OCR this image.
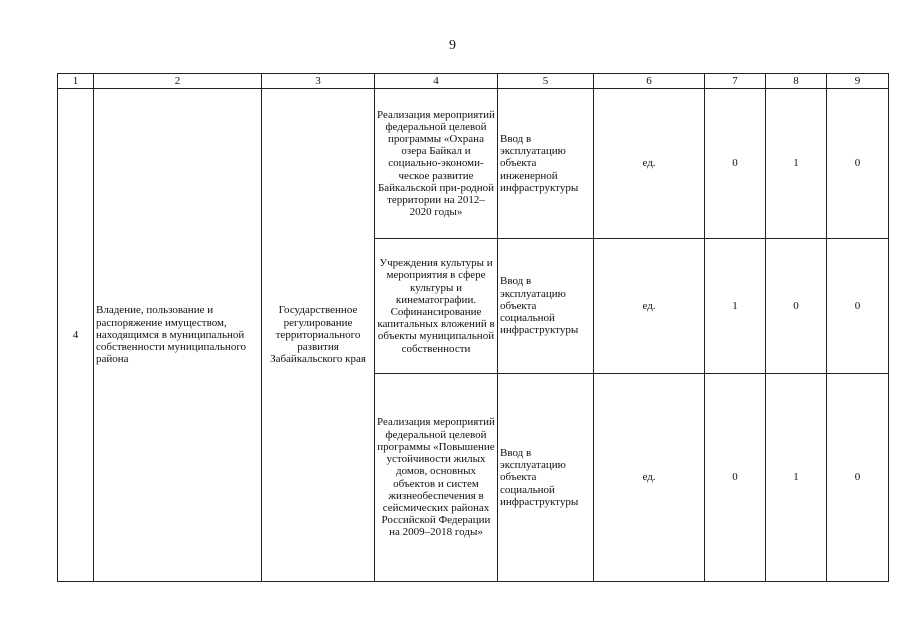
9
1	2	3	4	5	6	7	8	9
4	Владение, пользование и распоряжение имуществом, находящимся в муниципальной собственности муниципального района	Государственное регулирование территориального развития Забайкальского края	Реализация мероприятий федеральной целевой программы «Охрана озера Байкал и социально-экономи-ческое развитие Байкальской при-родной территории на 2012–2020 годы»	Ввод в эксплуатацию объекта инженерной инфраструктуры	ед.	0	1	0
			Учреждения культуры и мероприятия в сфере культуры и кинематографии. Софинансирование капитальных вложений в объекты муниципальной собственности	Ввод в эксплуатацию объекта социальной инфраструктуры	ед.	1	0	0
			Реализация мероприятий федеральной целевой программы «Повышение устойчивости жилых домов, основных объектов и систем жизнеобеспечения в сейсмических районах Российской Федерации на 2009–2018 годы»	Ввод в эксплуатацию объекта социальной инфраструктуры	ед.	0	1	0
